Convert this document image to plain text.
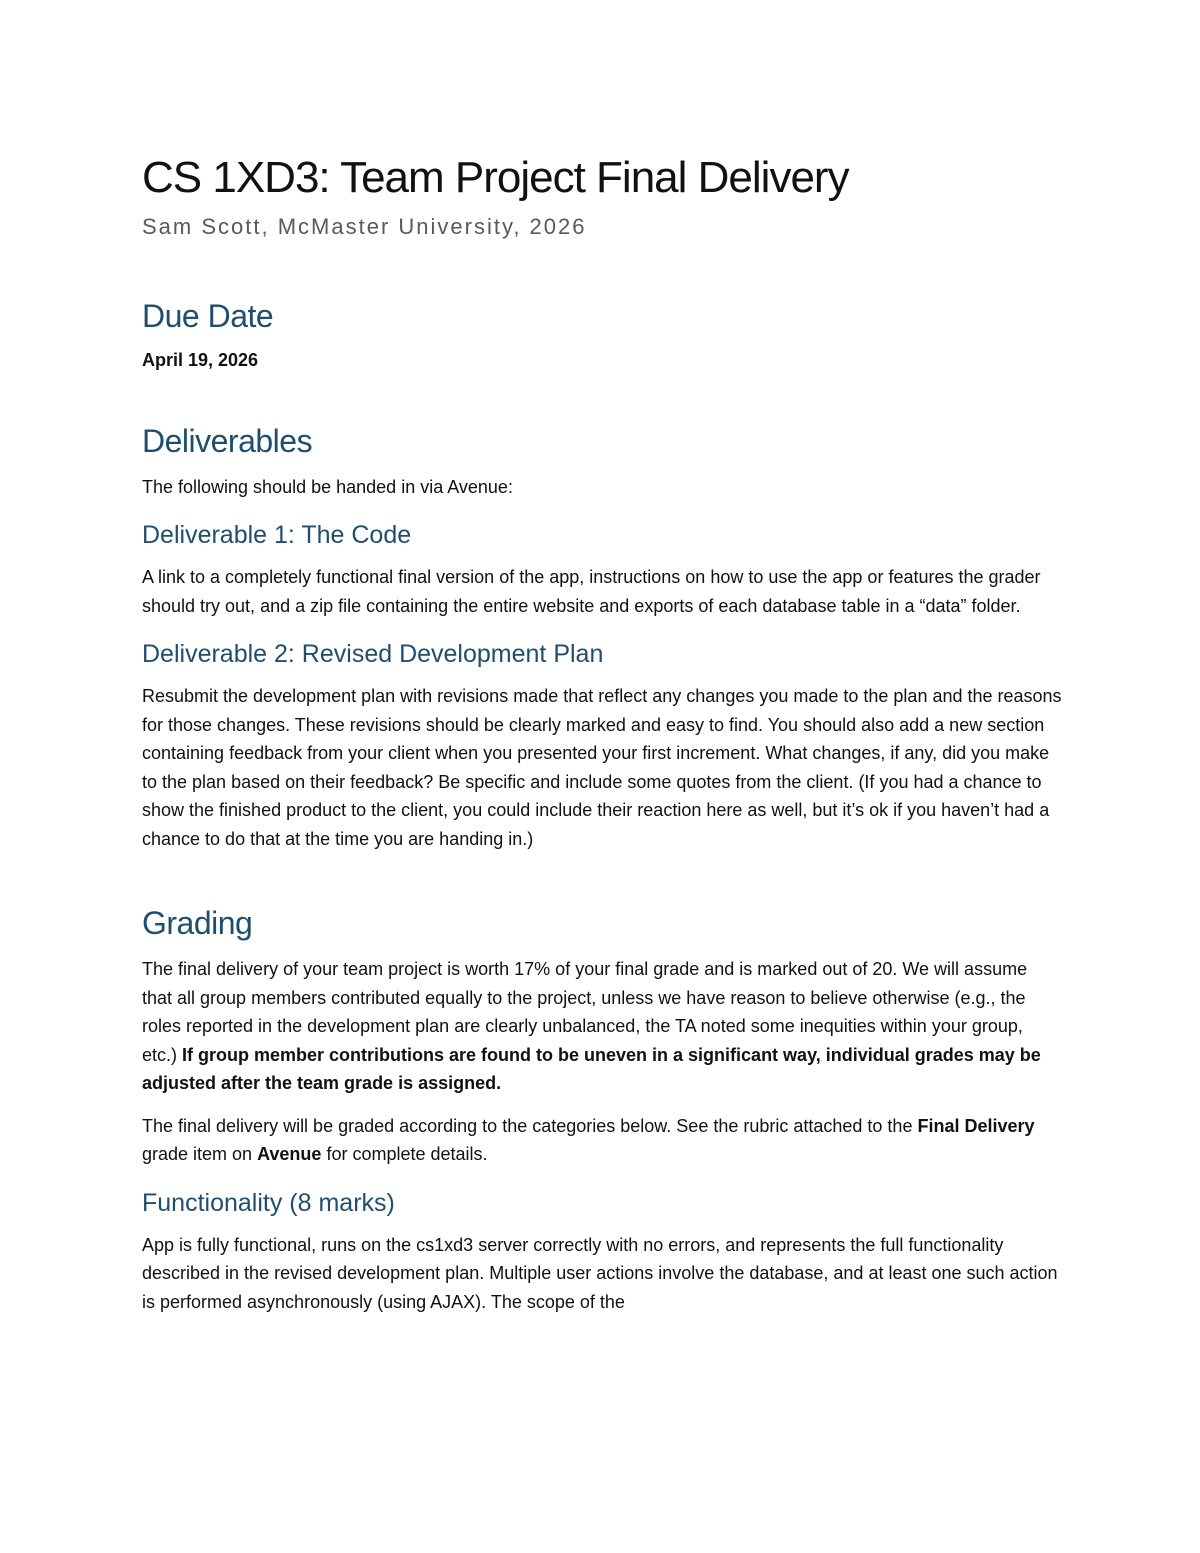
CS 1XD3: Team Project Final Delivery

Sam Scott, McMaster University, 2026

Due Date

April 19, 2026

Deliverables

The following should be handed in via Avenue:

Deliverable 1: The Code

A link to a completely functional final version of the app, instructions on how to use the app or features the grader should try out, and a zip file containing the entire website and exports of each database table in a “data” folder.

Deliverable 2: Revised Development Plan

Resubmit the development plan with revisions made that reflect any changes you made to the plan and the reasons for those changes. These revisions should be clearly marked and easy to find. You should also add a new section containing feedback from your client when you presented your first increment. What changes, if any, did you make to the plan based on their feedback? Be specific and include some quotes from the client. (If you had a chance to show the finished product to the client, you could include their reaction here as well, but it’s ok if you haven’t had a chance to do that at the time you are handing in.)

Grading

The final delivery of your team project is worth 17% of your final grade and is marked out of 20. We will assume that all group members contributed equally to the project, unless we have reason to believe otherwise (e.g., the roles reported in the development plan are clearly unbalanced, the TA noted some inequities within your group, etc.) If group member contributions are found to be uneven in a significant way, individual grades may be adjusted after the team grade is assigned.

The final delivery will be graded according to the categories below. See the rubric attached to the Final Delivery grade item on Avenue for complete details.

Functionality (8 marks)

App is fully functional, runs on the cs1xd3 server correctly with no errors, and represents the full functionality described in the revised development plan. Multiple user actions involve the database, and at least one such action is performed asynchronously (using AJAX). The scope of the
